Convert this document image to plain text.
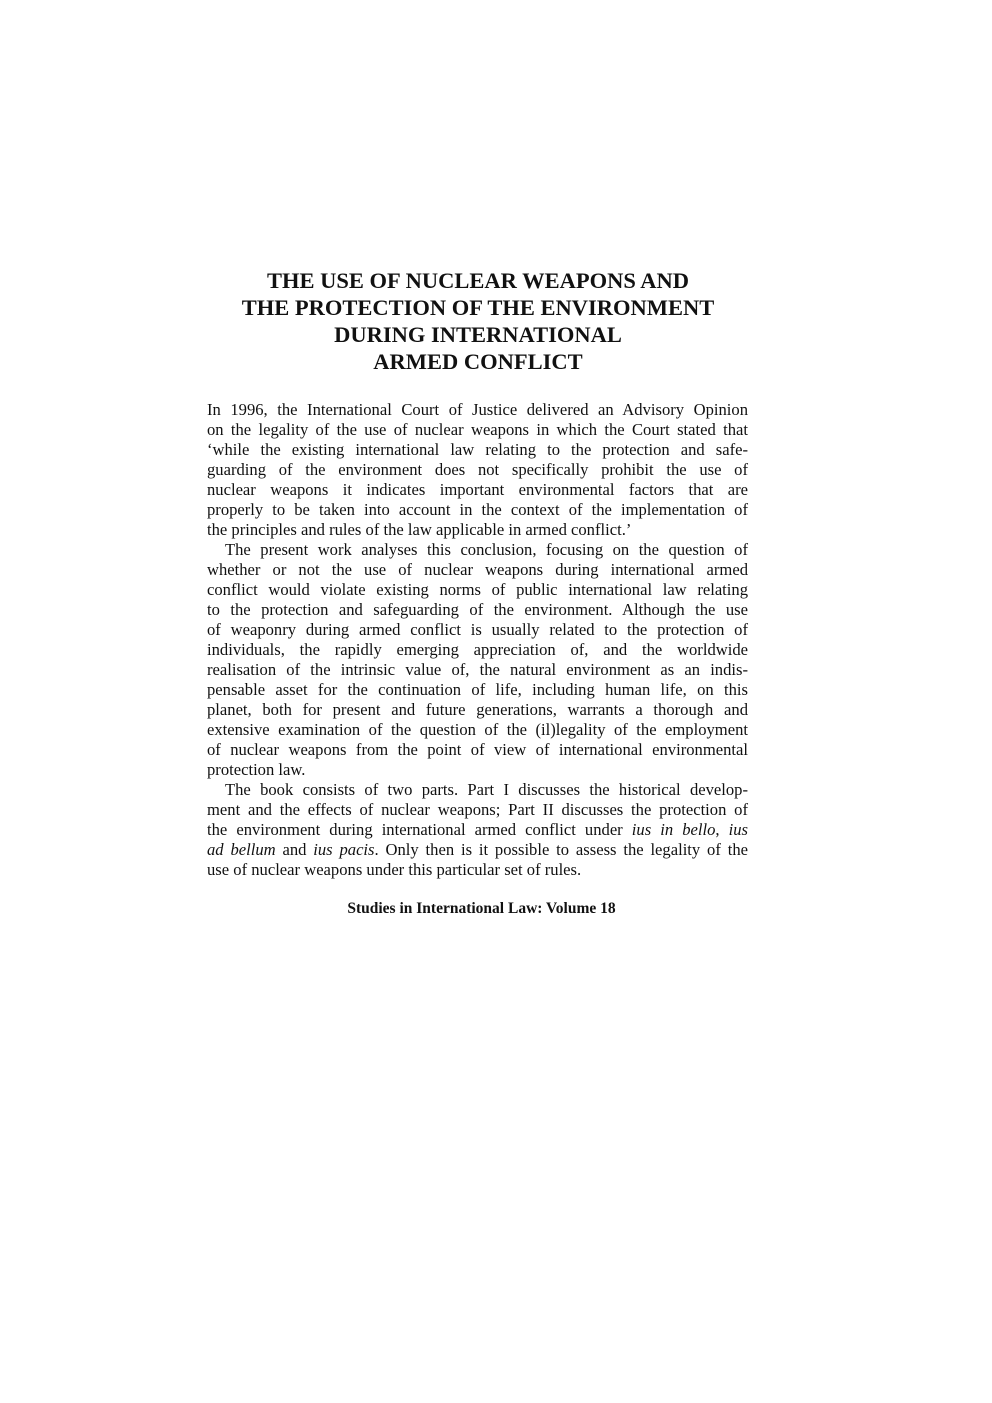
THE USE OF NUCLEAR WEAPONS AND
THE PROTECTION OF THE ENVIRONMENT
DURING INTERNATIONAL
ARMED CONFLICT
In 1996, the International Court of Justice delivered an Advisory Opinion
on the legality of the use of nuclear weapons in which the Court stated that
‘while the existing international law relating to the protection and safe-
guarding of the environment does not specifically prohibit the use of
nuclear weapons it indicates important environmental factors that are
properly to be taken into account in the context of the implementation of
the principles and rules of the law applicable in armed conflict.’
The present work analyses this conclusion, focusing on the question of
whether or not the use of nuclear weapons during international armed
conflict would violate existing norms of public international law relating
to the protection and safeguarding of the environment. Although the use
of weaponry during armed conflict is usually related to the protection of
individuals, the rapidly emerging appreciation of, and the worldwide
realisation of the intrinsic value of, the natural environment as an indis-
pensable asset for the continuation of life, including human life, on this
planet, both for present and future generations, warrants a thorough and
extensive examination of the question of the (il)legality of the employment
of nuclear weapons from the point of view of international environmental
protection law.
The book consists of two parts. Part I discusses the historical develop-
ment and the effects of nuclear weapons; Part II discusses the protection of
the environment during international armed conflict under ius in bello, ius
ad bellum and ius pacis. Only then is it possible to assess the legality of the
use of nuclear weapons under this particular set of rules.
Studies in International Law: Volume 18
